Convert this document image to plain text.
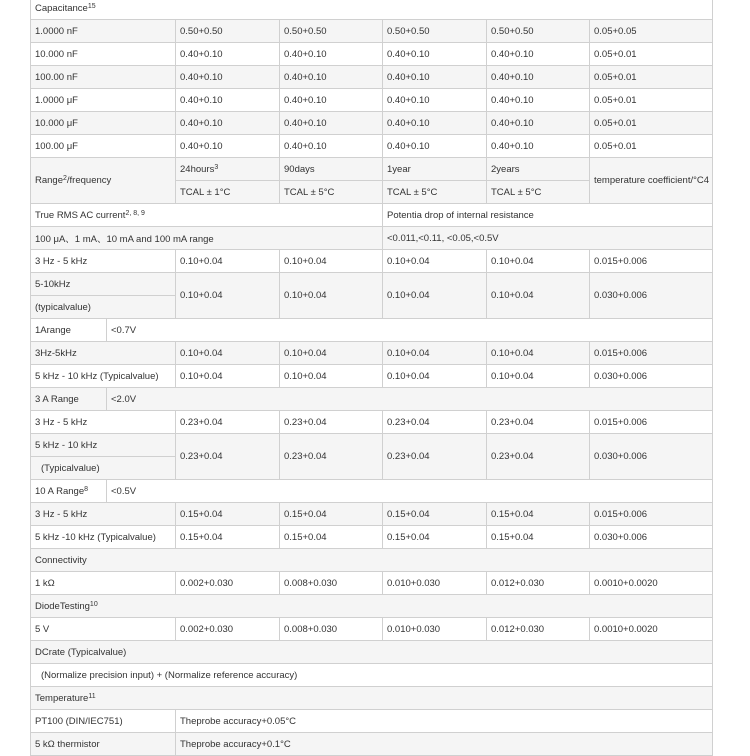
Capacitance$^{15}$
1.0000 nF		0.50+0.50	0.50+0.50	0.50+0.50	0.50+0.50	0.05+0.05
10.000 nF		0.40+0.10	0.40+0.10	0.40+0.10	0.40+0.10	0.05+0.01
100.00 nF		0.40+0.10	0.40+0.10	0.40+0.10	0.40+0.10	0.05+0.01
1.0000 μF		0.40+0.10	0.40+0.10	0.40+0.10	0.40+0.10	0.05+0.01
10.000 μF		0.40+0.10	0.40+0.10	0.40+0.10	0.40+0.10	0.05+0.01
100.00 μF		0.40+0.10	0.40+0.10	0.40+0.10	0.40+0.10	0.05+0.01
Range$^2$/frequency		24hours$^3$	90days	1year	2years	temperature coefficient/°C4
		TCAL ± 1°C	TCAL ± 5°C	TCAL ± 5°C	TCAL ± 5°C	
True RMS AC current$^{2, 8, 9}$				Potentia drop of internal resistance		
100 μA、1 mA、10 mA and 100 mA range				<0.011,<0.11, <0.05,<0.5V		
3 Hz - 5 kHz		0.10+0.04	0.10+0.04	0.10+0.04	0.10+0.04	0.015+0.006
5-10kHz		0.10+0.04	0.10+0.04	0.10+0.04	0.10+0.04	0.030+0.006
(typicalvalue)						
1Arange	<0.7V					
3Hz-5kHz		0.10+0.04	0.10+0.04	0.10+0.04	0.10+0.04	0.015+0.006
5 kHz - 10 kHz (Typicalvalue)		0.10+0.04	0.10+0.04	0.10+0.04	0.10+0.04	0.030+0.006
3 A Range	<2.0V					
3 Hz - 5 kHz		0.23+0.04	0.23+0.04	0.23+0.04	0.23+0.04	0.015+0.006
5 kHz - 10 kHz		0.23+0.04	0.23+0.04	0.23+0.04	0.23+0.04	0.030+0.006
(Typicalvalue)						
10 A Range$^8$	<0.5V					
3 Hz - 5 kHz		0.15+0.04	0.15+0.04	0.15+0.04	0.15+0.04	0.015+0.006
5 kHz -10 kHz (Typicalvalue)		0.15+0.04	0.15+0.04	0.15+0.04	0.15+0.04	0.030+0.006
Connectivity						
1 kΩ		0.002+0.030	0.008+0.030	0.010+0.030	0.012+0.030	0.0010+0.0020
DiodeTesting$^{10}$
5 V		0.002+0.030	0.008+0.030	0.010+0.030	0.012+0.030	0.0010+0.0020
DCrate (Typicalvalue)						
(Normalize precision input) + (Normalize reference accuracy)						
Temperature$^{11}$
PT100 (DIN/IEC751)		Theprobe accuracy+0.05°C				
5 kΩ thermistor		Theprobe accuracy+0.1°C				
